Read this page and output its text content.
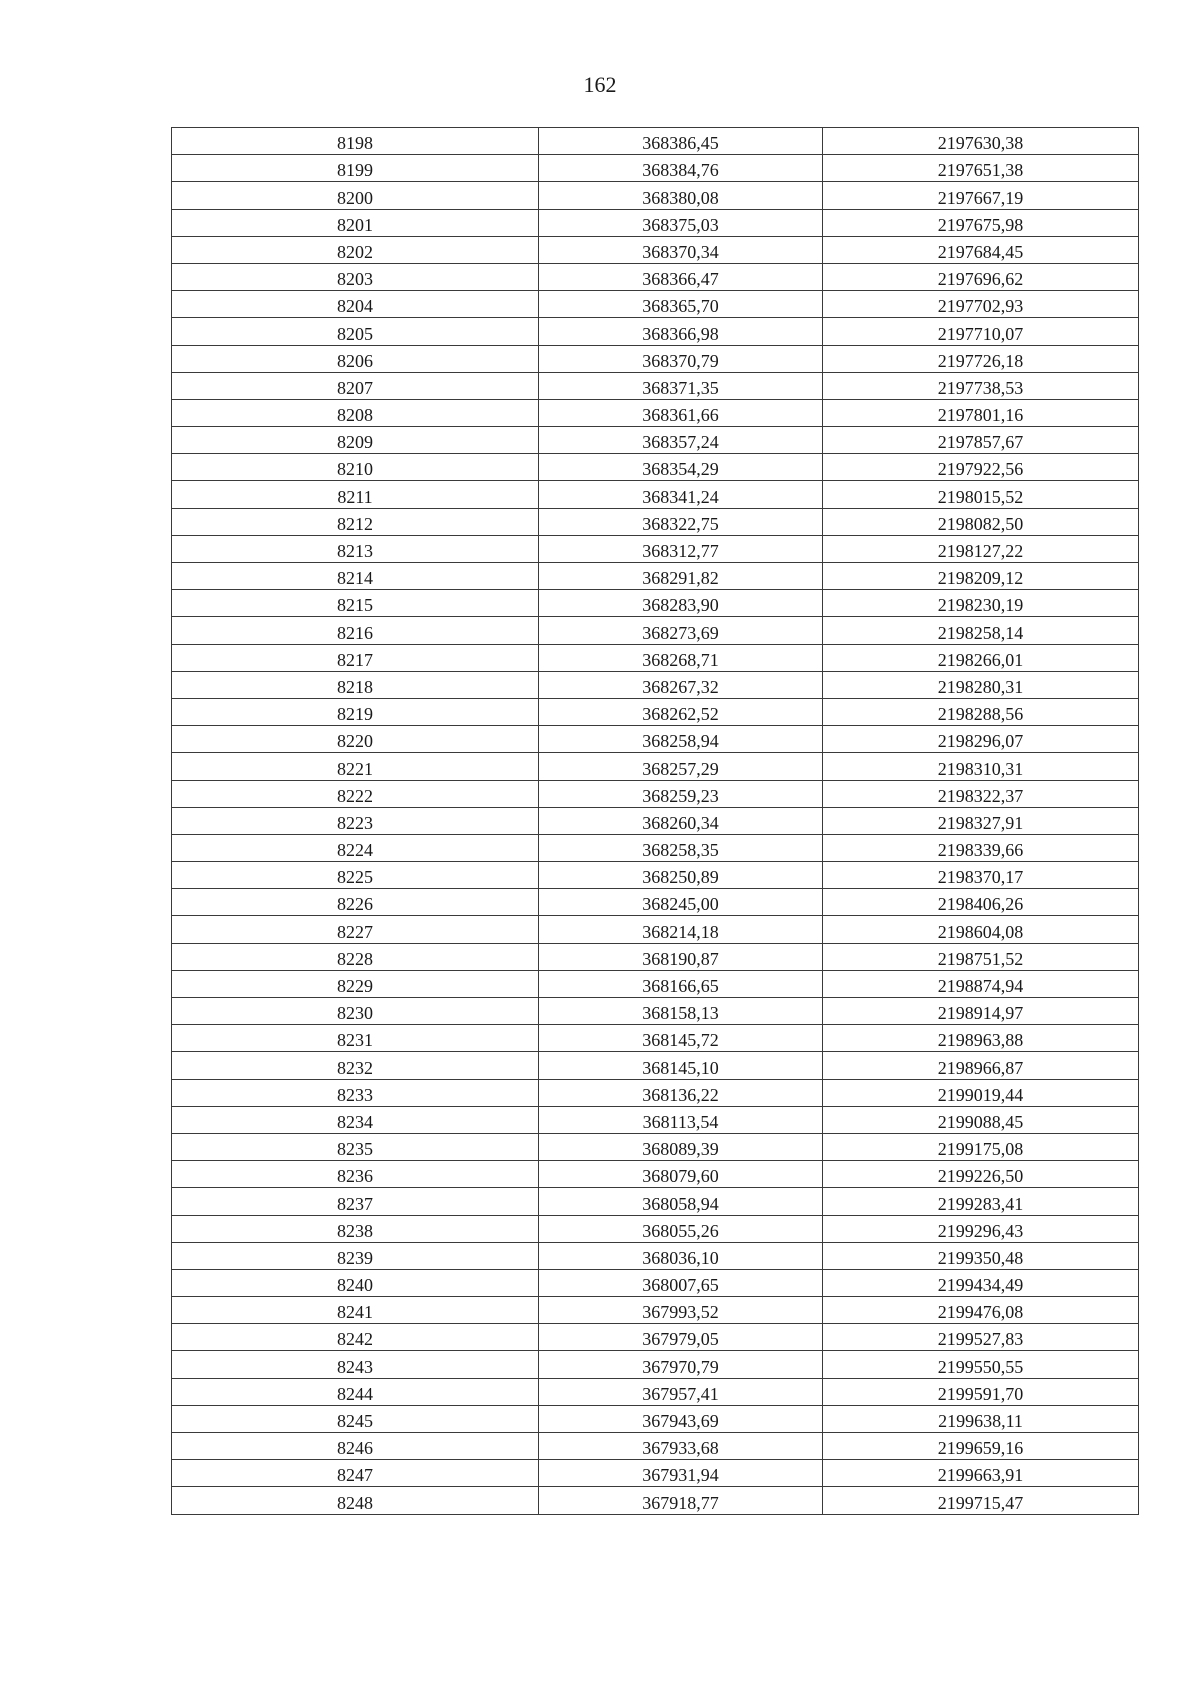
162
8198	368386,45	2197630,38
8199	368384,76	2197651,38
8200	368380,08	2197667,19
8201	368375,03	2197675,98
8202	368370,34	2197684,45
8203	368366,47	2197696,62
8204	368365,70	2197702,93
8205	368366,98	2197710,07
8206	368370,79	2197726,18
8207	368371,35	2197738,53
8208	368361,66	2197801,16
8209	368357,24	2197857,67
8210	368354,29	2197922,56
8211	368341,24	2198015,52
8212	368322,75	2198082,50
8213	368312,77	2198127,22
8214	368291,82	2198209,12
8215	368283,90	2198230,19
8216	368273,69	2198258,14
8217	368268,71	2198266,01
8218	368267,32	2198280,31
8219	368262,52	2198288,56
8220	368258,94	2198296,07
8221	368257,29	2198310,31
8222	368259,23	2198322,37
8223	368260,34	2198327,91
8224	368258,35	2198339,66
8225	368250,89	2198370,17
8226	368245,00	2198406,26
8227	368214,18	2198604,08
8228	368190,87	2198751,52
8229	368166,65	2198874,94
8230	368158,13	2198914,97
8231	368145,72	2198963,88
8232	368145,10	2198966,87
8233	368136,22	2199019,44
8234	368113,54	2199088,45
8235	368089,39	2199175,08
8236	368079,60	2199226,50
8237	368058,94	2199283,41
8238	368055,26	2199296,43
8239	368036,10	2199350,48
8240	368007,65	2199434,49
8241	367993,52	2199476,08
8242	367979,05	2199527,83
8243	367970,79	2199550,55
8244	367957,41	2199591,70
8245	367943,69	2199638,11
8246	367933,68	2199659,16
8247	367931,94	2199663,91
8248	367918,77	2199715,47
